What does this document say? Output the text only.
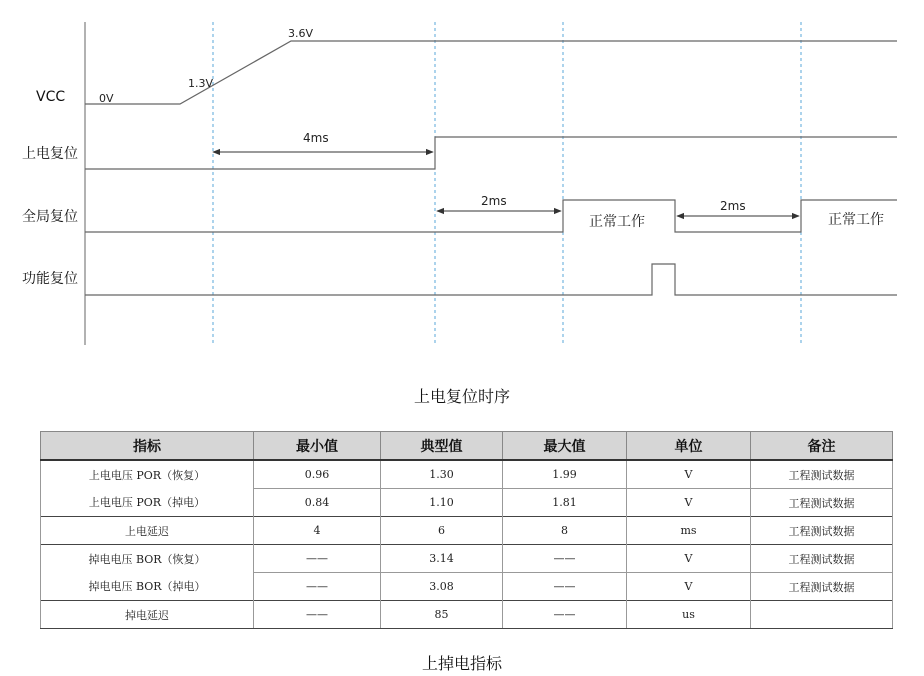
VCC
上电复位
全局复位
功能复位
0V
1.3V
3.6V
4ms
2ms	2ms
正常工作	正常工作
上电复位时序
指标	最小值	典型值	最大值	单位	备注
上电电压 POR（恢复）	0.96	1.30	1.99	V	工程测试数据
上电电压 POR（掉电）	0.84	1.10	1.81	V	工程测试数据
上电延迟	4	6	8	ms	工程测试数据
掉电电压 BOR（恢复）	——	3.14	——	V	工程测试数据
掉电电压 BOR（掉电）	——	3.08	——	V	工程测试数据
掉电延迟	——	85	——	us	
上掉电指标
